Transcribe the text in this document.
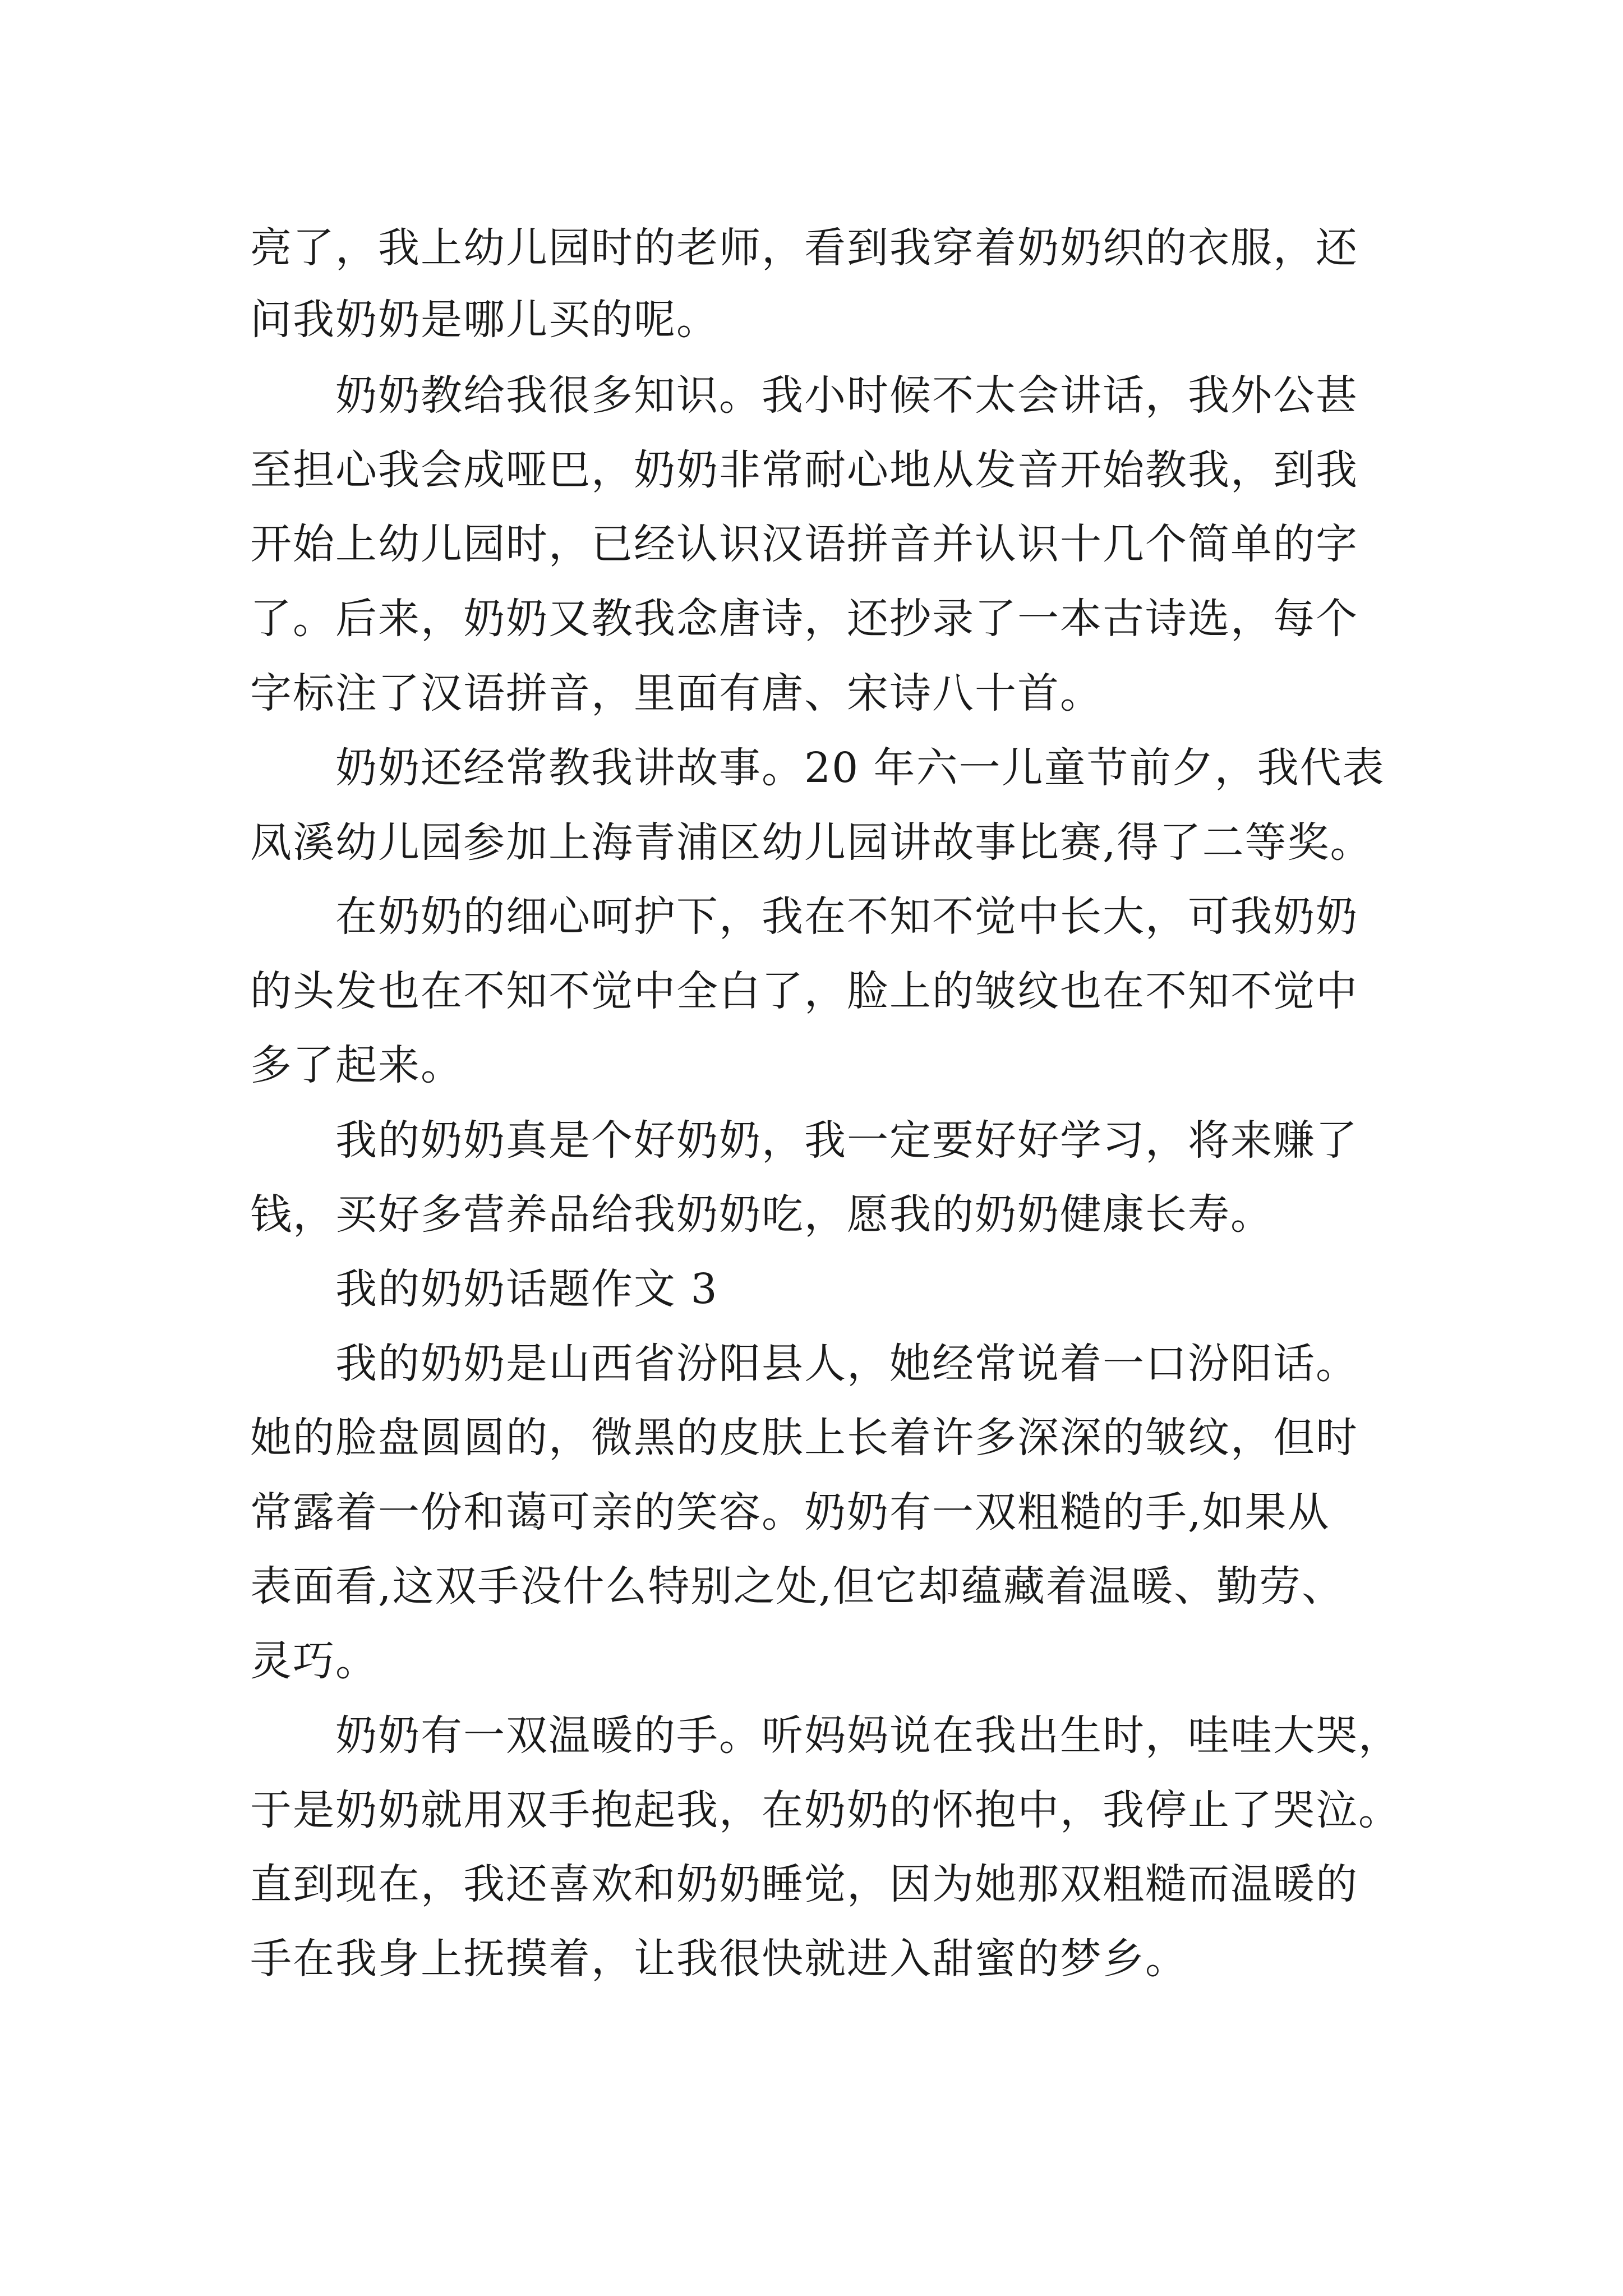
亮了，我上幼儿园时的老师，看到我穿着奶奶织的衣服，还
问我奶奶是哪儿买的呢。
奶奶教给我很多知识。我小时候不太会讲话，我外公甚
至担心我会成哑巴，奶奶非常耐心地从发音开始教我，到我
开始上幼儿园时，已经认识汉语拼音并认识十几个简单的字
了。后来，奶奶又教我念唐诗，还抄录了一本古诗选，每个
字标注了汉语拼音，里面有唐、宋诗八十首。
奶奶还经常教我讲故事。20 年六一儿童节前夕，我代表
凤溪幼儿园参加上海青浦区幼儿园讲故事比赛,得了二等奖。
在奶奶的细心呵护下，我在不知不觉中长大，可我奶奶
的头发也在不知不觉中全白了，脸上的皱纹也在不知不觉中
多了起来。
我的奶奶真是个好奶奶，我一定要好好学习，将来赚了
钱，买好多营养品给我奶奶吃，愿我的奶奶健康长寿。
我的奶奶话题作文 3
我的奶奶是山西省汾阳县人，她经常说着一口汾阳话。
她的脸盘圆圆的，微黑的皮肤上长着许多深深的皱纹，但时
常露着一份和蔼可亲的笑容。奶奶有一双粗糙的手,如果从
表面看,这双手没什么特别之处,但它却蕴藏着温暖、勤劳、
灵巧。
奶奶有一双温暖的手。听妈妈说在我出生时，哇哇大哭，
于是奶奶就用双手抱起我，在奶奶的怀抱中，我停止了哭泣。
直到现在，我还喜欢和奶奶睡觉，因为她那双粗糙而温暖的
手在我身上抚摸着，让我很快就进入甜蜜的梦乡。
